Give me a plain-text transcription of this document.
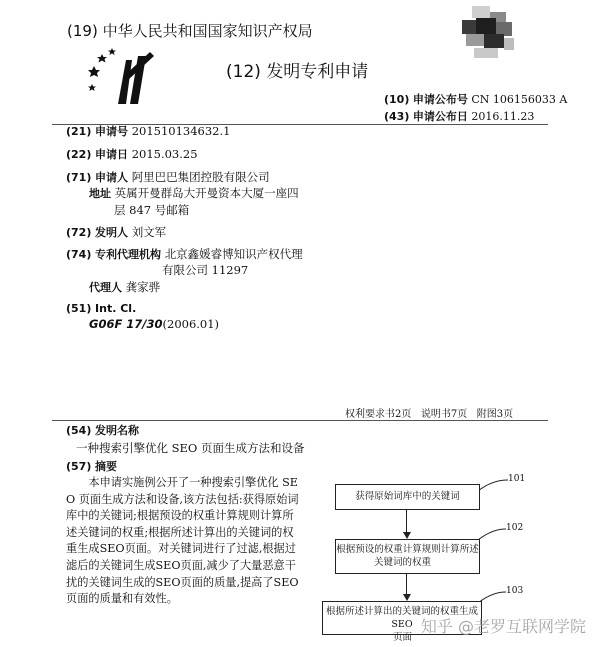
(19) 中华人民共和国国家知识产权局
(12) 发明专利申请
(10) 申请公布号 CN 106156033 A
(43) 申请公布日 2016.11.23
(21) 申请号 201510134632.1
(22) 申请日 2015.03.25
(71) 申请人 阿里巴巴集团控股有限公司
地址 英属开曼群岛大开曼资本大厦一座四
层 847 号邮箱
(72) 发明人 刘文军
(74) 专利代理机构 北京鑫媛睿博知识产权代理
有限公司 11297
代理人 龚家骅
(51) Int. Cl.
G06F 17/30(2006.01)
权利要求书2页   说明书7页   附图3页
(54) 发明名称
一种搜索引擎优化 SEO 页面生成方法和设备
(57) 摘要
本申请实施例公开了一种搜索引擎优化 SEO 页面生成方法和设备,该方法包括:获得原始词库中的关键词;根据预设的权重计算规则计算所述关键词的权重;根据所述计算出的关键词的权重生成SEO页面。对关键词进行了过滤,根据过滤后的关键词生成SEO页面,减少了大量恶意干扰的关键词生成的SEO页面的质量,提高了SEO页面的质量和有效性。
101
获得原始词库中的关键词
102
根据预设的权重计算规则计算所述
关键词的权重
103
根据所述计算出的关键词的权重生成SEO
页面
知乎 @老罗互联网学院
